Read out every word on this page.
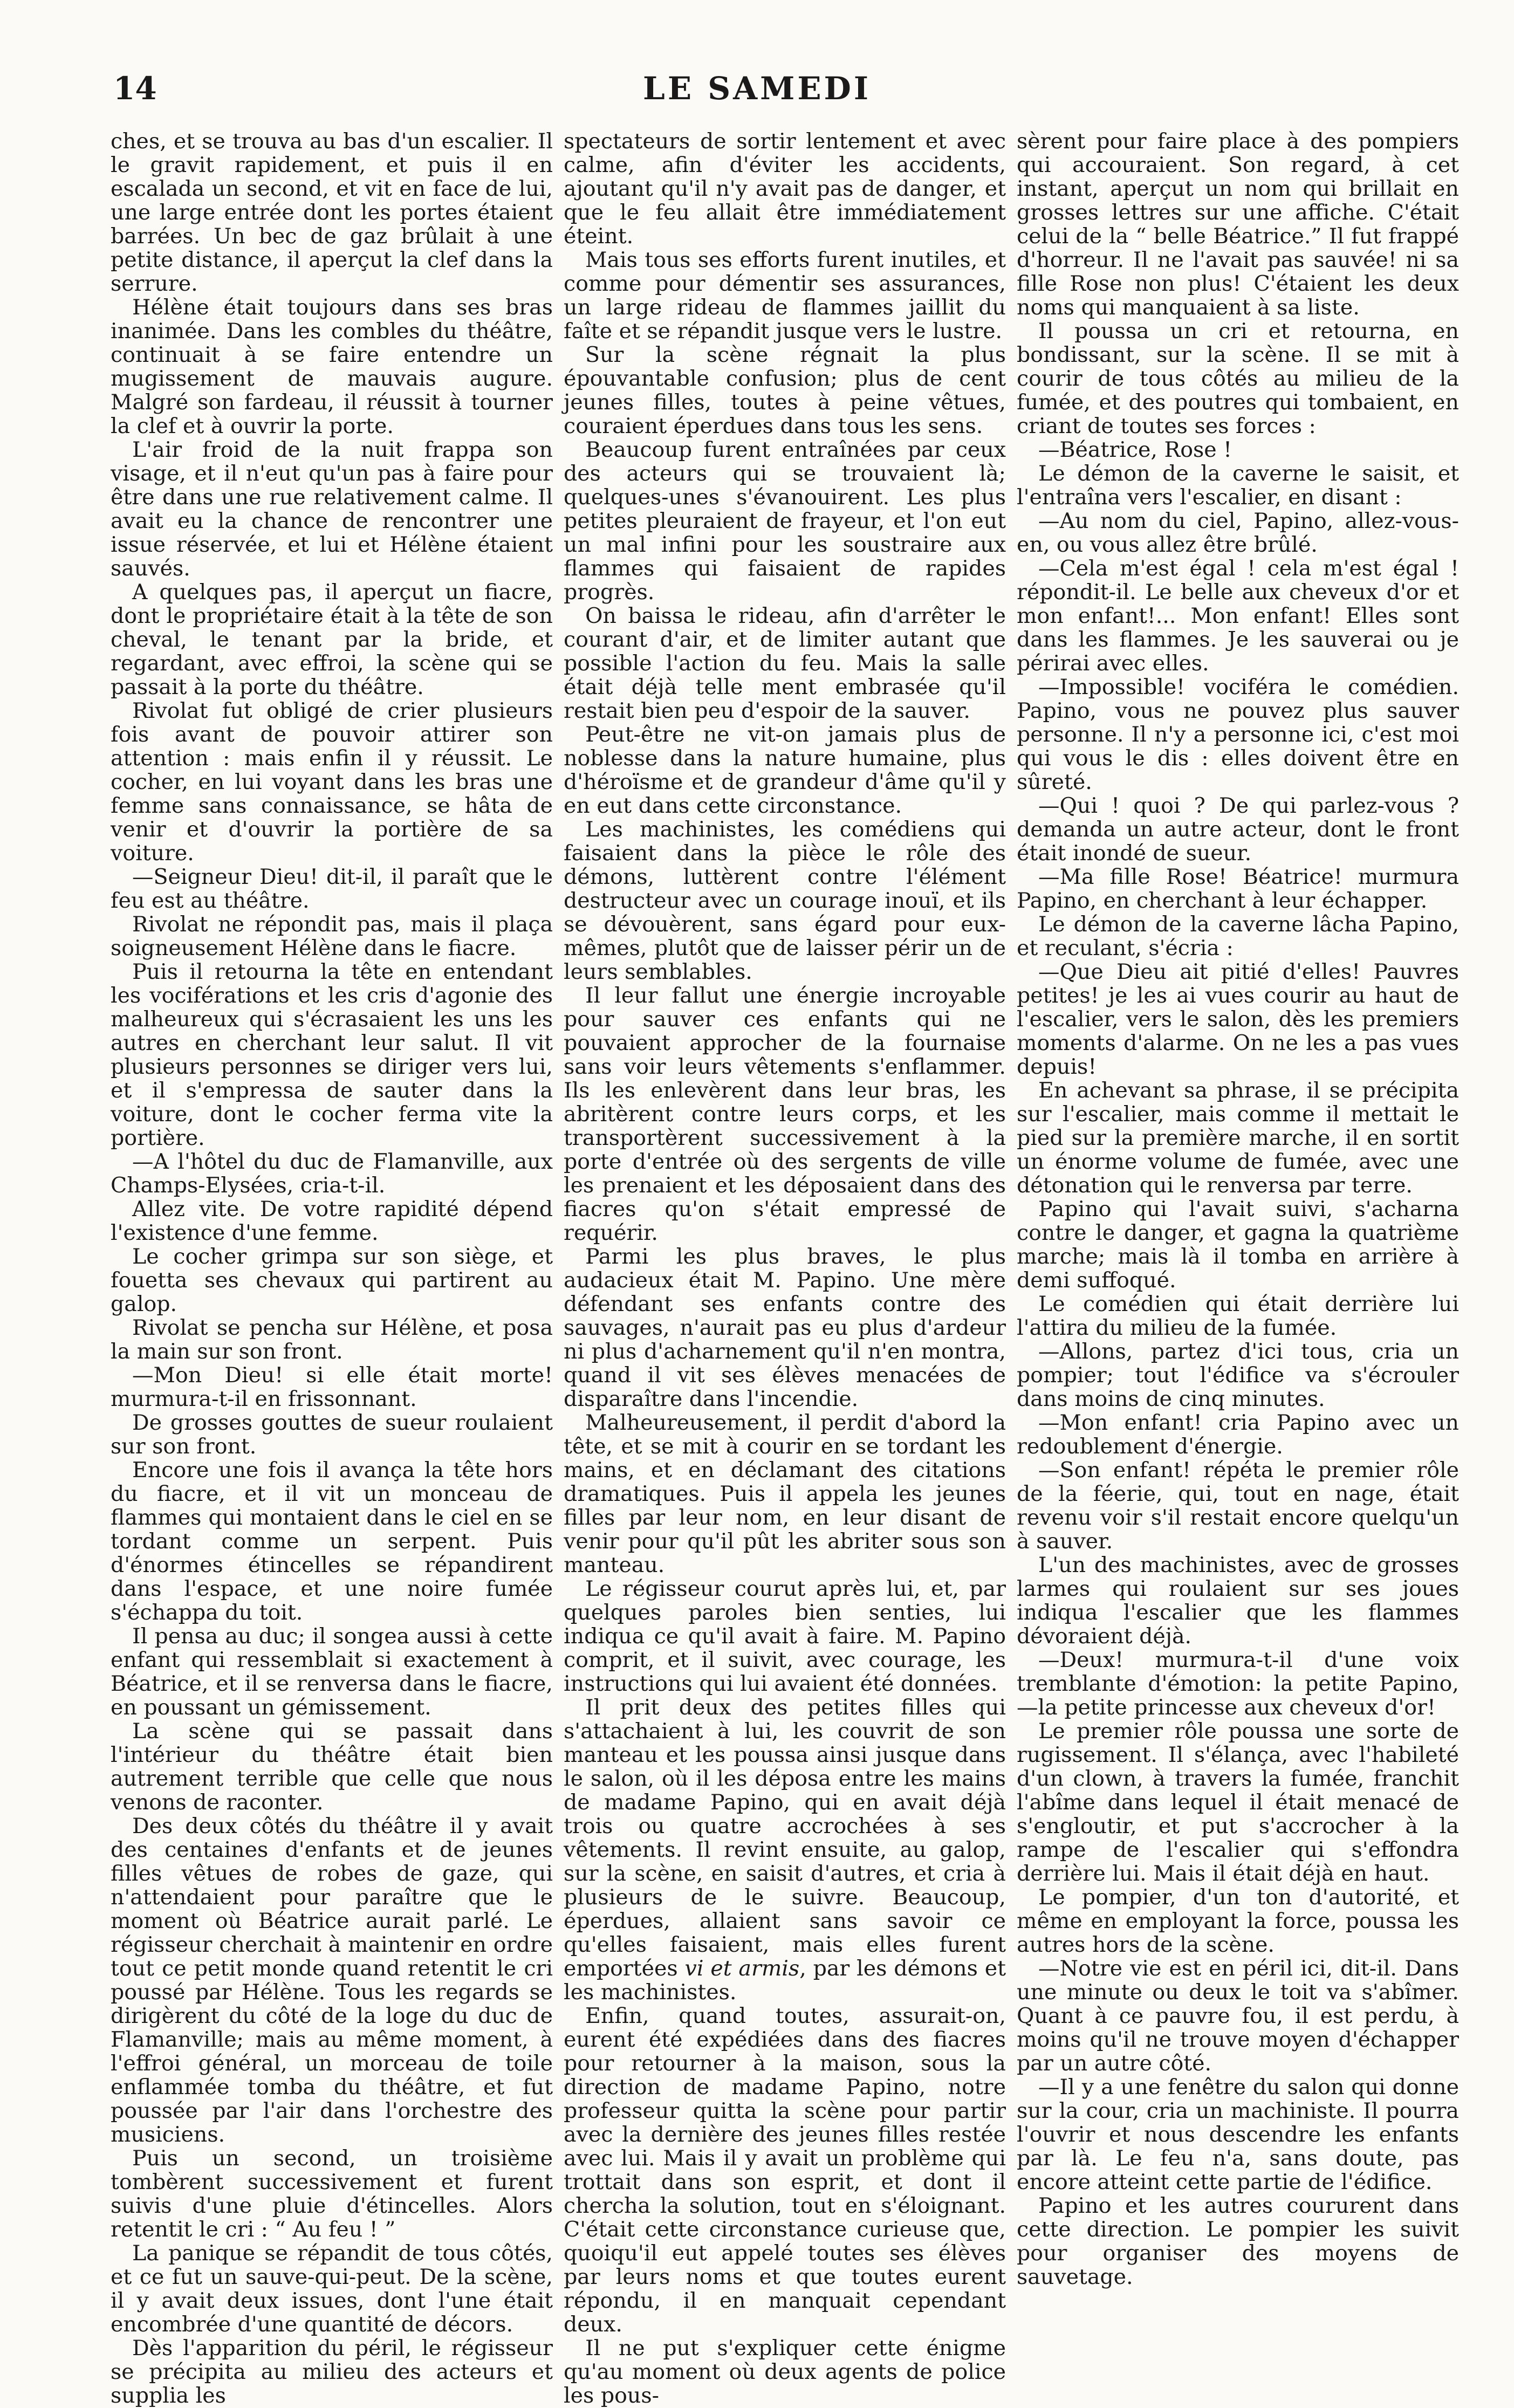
14	LE SAMEDI

ches, et se trouva au bas d'un escalier. Il le gravit rapidement, et puis il en escalada un second, et vit en face de lui, une large entrée dont les portes étaient barrées. Un bec de gaz brûlait à une petite distance, il aperçut la clef dans la serrure.

Hélène était toujours dans ses bras inanimée. Dans les combles du théâtre, continuait à se faire entendre un mugissement de mauvais augure. Malgré son fardeau, il réussit à tourner la clef et à ouvrir la porte.

L'air froid de la nuit frappa son visage, et il n'eut qu'un pas à faire pour être dans une rue relativement calme. Il avait eu la chance de rencontrer une issue réservée, et lui et Hélène étaient sauvés.

A quelques pas, il aperçut un fiacre, dont le propriétaire était à la tête de son cheval, le tenant par la bride, et regardant, avec effroi, la scène qui se passait à la porte du théâtre.

Rivolat fut obligé de crier plusieurs fois avant de pouvoir attirer son attention : mais enfin il y réussit. Le cocher, en lui voyant dans les bras une femme sans connaissance, se hâta de venir et d'ouvrir la portière de sa voiture.

—Seigneur Dieu! dit-il, il paraît que le feu est au théâtre.

Rivolat ne répondit pas, mais il plaça soigneusement Hélène dans le fiacre.

Puis il retourna la tête en entendant les vociférations et les cris d'agonie des malheureux qui s'écrasaient les uns les autres en cherchant leur salut. Il vit plusieurs personnes se diriger vers lui, et il s'empressa de sauter dans la voiture, dont le cocher ferma vite la portière.

—A l'hôtel du duc de Flamanville, aux Champs-Elysées, cria-t-il.

Allez vite. De votre rapidité dépend l'existence d'une femme.

Le cocher grimpa sur son siège, et fouetta ses chevaux qui partirent au galop.

Rivolat se pencha sur Hélène, et posa la main sur son front.

—Mon Dieu! si elle était morte! murmura-t-il en frissonnant.

De grosses gouttes de sueur roulaient sur son front.

Encore une fois il avança la tête hors du fiacre, et il vit un monceau de flammes qui montaient dans le ciel en se tordant comme un serpent. Puis d'énormes étincelles se répandirent dans l'espace, et une noire fumée s'échappa du toit.

Il pensa au duc; il songea aussi à cette enfant qui ressemblait si exactement à Béatrice, et il se renversa dans le fiacre, en poussant un gémissement.

La scène qui se passait dans l'intérieur du théâtre était bien autrement terrible que celle que nous venons de raconter.

Des deux côtés du théâtre il y avait des centaines d'enfants et de jeunes filles vêtues de robes de gaze, qui n'attendaient pour paraître que le moment où Béatrice aurait parlé. Le régisseur cherchait à maintenir en ordre tout ce petit monde quand retentit le cri poussé par Hélène. Tous les regards se dirigèrent du côté de la loge du duc de Flamanville; mais au même moment, à l'effroi général, un morceau de toile enflammée tomba du théâtre, et fut poussée par l'air dans l'orchestre des musiciens.

Puis un second, un troisième tombèrent successivement et furent suivis d'une pluie d'étincelles. Alors retentit le cri : “ Au feu ! ”

La panique se répandit de tous côtés, et ce fut un sauve-qui-peut. De la scène, il y avait deux issues, dont l'une était encombrée d'une quantité de décors.

Dès l'apparition du péril, le régisseur se précipita au milieu des acteurs et supplia les

spectateurs de sortir lentement et avec calme, afin d'éviter les accidents, ajoutant qu'il n'y avait pas de danger, et que le feu allait être immédiatement éteint.

Mais tous ses efforts furent inutiles, et comme pour démentir ses assurances, un large rideau de flammes jaillit du faîte et se répandit jusque vers le lustre.

Sur la scène régnait la plus épouvantable confusion; plus de cent jeunes filles, toutes à peine vêtues, couraient éperdues dans tous les sens.

Beaucoup furent entraînées par ceux des acteurs qui se trouvaient là; quelques-unes s'évanouirent. Les plus petites pleuraient de frayeur, et l'on eut un mal infini pour les soustraire aux flammes qui faisaient de rapides progrès.

On baissa le rideau, afin d'arrêter le courant d'air, et de limiter autant que possible l'action du feu. Mais la salle était déjà telle ment embrasée qu'il restait bien peu d'espoir de la sauver.

Peut-être ne vit-on jamais plus de noblesse dans la nature humaine, plus d'héroïsme et de grandeur d'âme qu'il y en eut dans cette circonstance.

Les machinistes, les comédiens qui faisaient dans la pièce le rôle des démons, luttèrent contre l'élément destructeur avec un courage inouï, et ils se dévouèrent, sans égard pour eux-mêmes, plutôt que de laisser périr un de leurs semblables.

Il leur fallut une énergie incroyable pour sauver ces enfants qui ne pouvaient approcher de la fournaise sans voir leurs vêtements s'enflammer. Ils les enlevèrent dans leur bras, les abritèrent contre leurs corps, et les transportèrent successivement à la porte d'entrée où des sergents de ville les prenaient et les déposaient dans des fiacres qu'on s'était empressé de requérir.

Parmi les plus braves, le plus audacieux était M. Papino. Une mère défendant ses enfants contre des sauvages, n'aurait pas eu plus d'ardeur ni plus d'acharnement qu'il n'en montra, quand il vit ses élèves menacées de disparaître dans l'incendie.

Malheureusement, il perdit d'abord la tête, et se mit à courir en se tordant les mains, et en déclamant des citations dramatiques. Puis il appela les jeunes filles par leur nom, en leur disant de venir pour qu'il pût les abriter sous son manteau.

Le régisseur courut après lui, et, par quelques paroles bien senties, lui indiqua ce qu'il avait à faire. M. Papino comprit, et il suivit, avec courage, les instructions qui lui avaient été données.

Il prit deux des petites filles qui s'attachaient à lui, les couvrit de son manteau et les poussa ainsi jusque dans le salon, où il les déposa entre les mains de madame Papino, qui en avait déjà trois ou quatre accrochées à ses vêtements. Il revint ensuite, au galop, sur la scène, en saisit d'autres, et cria à plusieurs de le suivre. Beaucoup, éperdues, allaient sans savoir ce qu'elles faisaient, mais elles furent emportées vi et armis, par les démons et les machinistes.

Enfin, quand toutes, assurait-on, eurent été expédiées dans des fiacres pour retourner à la maison, sous la direction de madame Papino, notre professeur quitta la scène pour partir avec la dernière des jeunes filles restée avec lui. Mais il y avait un problème qui trottait dans son esprit, et dont il chercha la solution, tout en s'éloignant. C'était cette circonstance curieuse que, quoiqu'il eut appelé toutes ses élèves par leurs noms et que toutes eurent répondu, il en manquait cependant deux.

Il ne put s'expliquer cette énigme qu'au moment où deux agents de police les pous-

sèrent pour faire place à des pompiers qui accouraient. Son regard, à cet instant, aperçut un nom qui brillait en grosses lettres sur une affiche. C'était celui de la “ belle Béatrice.” Il fut frappé d'horreur. Il ne l'avait pas sauvée! ni sa fille Rose non plus! C'étaient les deux noms qui manquaient à sa liste.

Il poussa un cri et retourna, en bondissant, sur la scène. Il se mit à courir de tous côtés au milieu de la fumée, et des poutres qui tombaient, en criant de toutes ses forces :

—Béatrice, Rose !

Le démon de la caverne le saisit, et l'entraîna vers l'escalier, en disant :

—Au nom du ciel, Papino, allez-vous-en, ou vous allez être brûlé.

—Cela m'est égal ! cela m'est égal ! répondit-il. Le belle aux cheveux d'or et mon enfant!... Mon enfant! Elles sont dans les flammes. Je les sauverai ou je périrai avec elles.

—Impossible! vociféra le comédien. Papino, vous ne pouvez plus sauver personne. Il n'y a personne ici, c'est moi qui vous le dis : elles doivent être en sûreté.

—Qui ! quoi ? De qui parlez-vous ? demanda un autre acteur, dont le front était inondé de sueur.

—Ma fille Rose! Béatrice! murmura Papino, en cherchant à leur échapper.

Le démon de la caverne lâcha Papino, et reculant, s'écria :

—Que Dieu ait pitié d'elles! Pauvres petites! je les ai vues courir au haut de l'escalier, vers le salon, dès les premiers moments d'alarme. On ne les a pas vues depuis!

En achevant sa phrase, il se précipita sur l'escalier, mais comme il mettait le pied sur la première marche, il en sortit un énorme volume de fumée, avec une détonation qui le renversa par terre.

Papino qui l'avait suivi, s'acharna contre le danger, et gagna la quatrième marche; mais là il tomba en arrière à demi suffoqué.

Le comédien qui était derrière lui l'attira du milieu de la fumée.

—Allons, partez d'ici tous, cria un pompier; tout l'édifice va s'écrouler dans moins de cinq minutes.

—Mon enfant! cria Papino avec un redoublement d'énergie.

—Son enfant! répéta le premier rôle de la féerie, qui, tout en nage, était revenu voir s'il restait encore quelqu'un à sauver.

L'un des machinistes, avec de grosses larmes qui roulaient sur ses joues indiqua l'escalier que les flammes dévoraient déjà.

—Deux! murmura-t-il d'une voix tremblante d'émotion: la petite Papino,—la petite princesse aux cheveux d'or!

Le premier rôle poussa une sorte de rugissement. Il s'élança, avec l'habileté d'un clown, à travers la fumée, franchit l'abîme dans lequel il était menacé de s'engloutir, et put s'accrocher à la rampe de l'escalier qui s'effondra derrière lui. Mais il était déjà en haut.

Le pompier, d'un ton d'autorité, et même en employant la force, poussa les autres hors de la scène.

—Notre vie est en péril ici, dit-il. Dans une minute ou deux le toit va s'abîmer. Quant à ce pauvre fou, il est perdu, à moins qu'il ne trouve moyen d'échapper par un autre côté.

—Il y a une fenêtre du salon qui donne sur la cour, cria un machiniste. Il pourra l'ouvrir et nous descendre les enfants par là. Le feu n'a, sans doute, pas encore atteint cette partie de l'édifice.

Papino et les autres coururent dans cette direction. Le pompier les suivit pour organiser des moyens de sauvetage.
